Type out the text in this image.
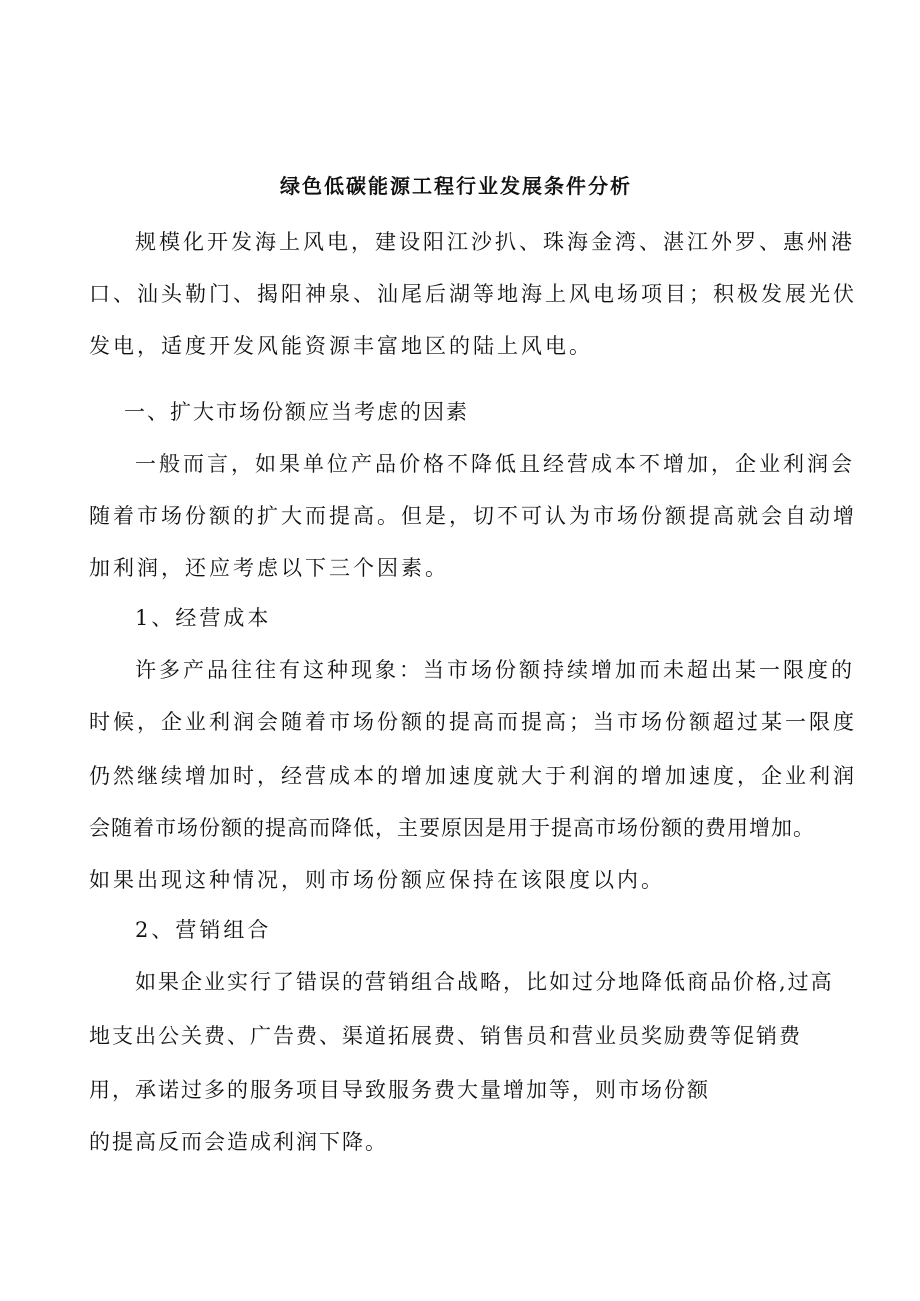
绿色低碳能源工程行业发展条件分析

规模化开发海上风电，建设阳江沙扒、珠海金湾、湛江外罗、惠州港

口、汕头勒门、揭阳神泉、汕尾后湖等地海上风电场项目；积极发展光伏

发电，适度开发风能资源丰富地区的陆上风电。

一、扩大市场份额应当考虑的因素

一般而言，如果单位产品价格不降低且经营成本不增加，企业利润会

随着市场份额的扩大而提高。但是，切不可认为市场份额提高就会自动增

加利润，还应考虑以下三个因素。

1、经营成本

许多产品往往有这种现象：当市场份额持续增加而未超出某一限度的

时候，企业利润会随着市场份额的提高而提高；当市场份额超过某一限度

仍然继续增加时，经营成本的增加速度就大于利润的增加速度，企业利润

会随着市场份额的提高而降低，主要原因是用于提高市场份额的费用增加。

如果出现这种情况，则市场份额应保持在该限度以内。

2、营销组合

如果企业实行了错误的营销组合战略，比如过分地降低商品价格,过高

地支出公关费、广告费、渠道拓展费、销售员和营业员奖励费等促销费

用，承诺过多的服务项目导致服务费大量增加等，则市场份额

的提高反而会造成利润下降。
